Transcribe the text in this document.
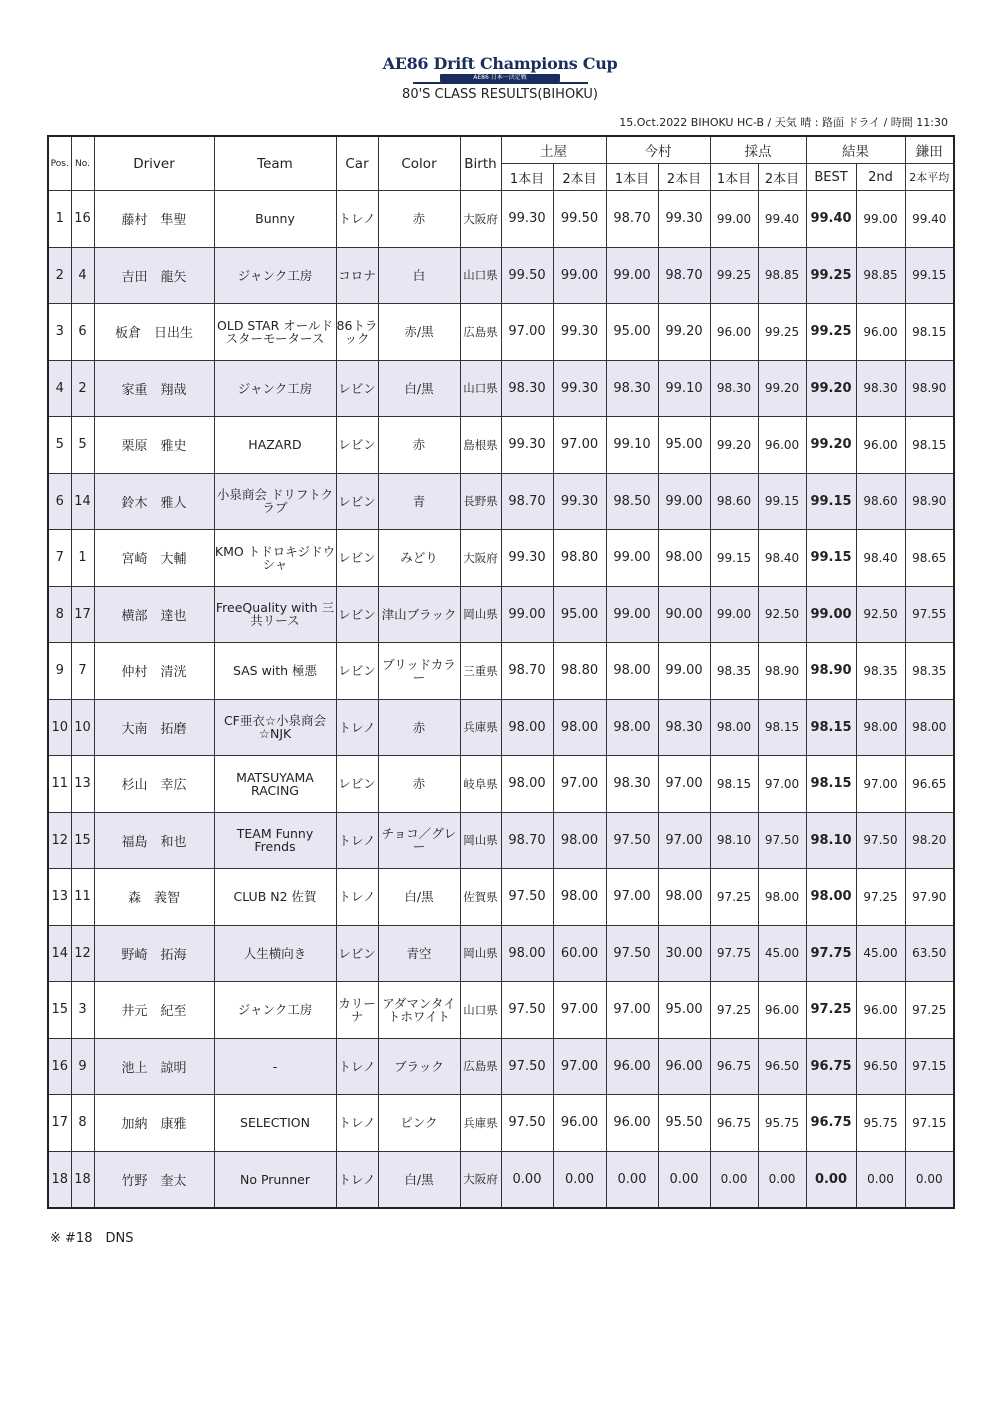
AE86 Drift Champions Cup
AE86 日本一決定戦
80'S CLASS RESULTS(BIHOKU)
15.Oct.2022 BIHOKU HC-B / 天気 晴 : 路面 ドライ / 時間 11:30
Pos.	No.	Driver	Team	Car	Color	Birth	土屋		今村		採点		結果		鎌田
							1本目	2本目	1本目	2本目	1本目	2本目	BEST	2nd	2本平均
1	16	藤村　隼聖	Bunny	トレノ	赤	大阪府	99.30	99.50	98.70	99.30	99.00	99.40	99.40	99.00	99.40
2	4	吉田　龍矢	ジャンク工房	コロナ	白	山口県	99.50	99.00	99.00	98.70	99.25	98.85	99.25	98.85	99.15
3	6	板倉　日出生	OLD STAR オールドスターモータース	86トラック	赤/黒	広島県	97.00	99.30	95.00	99.20	96.00	99.25	99.25	96.00	98.15
4	2	家重　翔哉	ジャンク工房	レビン	白/黒	山口県	98.30	99.30	98.30	99.10	98.30	99.20	99.20	98.30	98.90
5	5	栗原　雅史	HAZARD	レビン	赤	島根県	99.30	97.00	99.10	95.00	99.20	96.00	99.20	96.00	98.15
6	14	鈴木　雅人	小泉商会 ドリフトクラブ	レビン	青	長野県	98.70	99.30	98.50	99.00	98.60	99.15	99.15	98.60	98.90
7	1	宮崎　大輔	KMO トドロキジドウシャ	レビン	みどり	大阪府	99.30	98.80	99.00	98.00	99.15	98.40	99.15	98.40	98.65
8	17	横部　達也	FreeQuality with 三共リース	レビン	津山ブラック	岡山県	99.00	95.00	99.00	90.00	99.00	92.50	99.00	92.50	97.55
9	7	仲村　清洸	SAS with 極悪	レビン	ブリッドカラー	三重県	98.70	98.80	98.00	99.00	98.35	98.90	98.90	98.35	98.35
10	10	大南　拓磨	CF亜衣☆小泉商会☆NJK	トレノ	赤	兵庫県	98.00	98.00	98.00	98.30	98.00	98.15	98.15	98.00	98.00
11	13	杉山　幸広	MATSUYAMA RACING	レビン	赤	岐阜県	98.00	97.00	98.30	97.00	98.15	97.00	98.15	97.00	96.65
12	15	福島　和也	TEAM Funny Frends	トレノ	チョコ／グレー	岡山県	98.70	98.00	97.50	97.00	98.10	97.50	98.10	97.50	98.20
13	11	森　義智	CLUB N2 佐賀	トレノ	白/黒	佐賀県	97.50	98.00	97.00	98.00	97.25	98.00	98.00	97.25	97.90
14	12	野崎　拓海	人生横向き	レビン	青空	岡山県	98.00	60.00	97.50	30.00	97.75	45.00	97.75	45.00	63.50
15	3	井元　紀至	ジャンク工房	カリーナ	アダマンタイトホワイト	山口県	97.50	97.00	97.00	95.00	97.25	96.00	97.25	96.00	97.25
16	9	池上　諒明	-	トレノ	ブラック	広島県	97.50	97.00	96.00	96.00	96.75	96.50	96.75	96.50	97.15
17	8	加納　康雅	SELECTION	トレノ	ピンク	兵庫県	97.50	96.00	96.00	95.50	96.75	95.75	96.75	95.75	97.15
18	18	竹野　奎太	No Prunner	トレノ	白/黒	大阪府	0.00	0.00	0.00	0.00	0.00	0.00	0.00	0.00	0.00
※ #18　DNS
